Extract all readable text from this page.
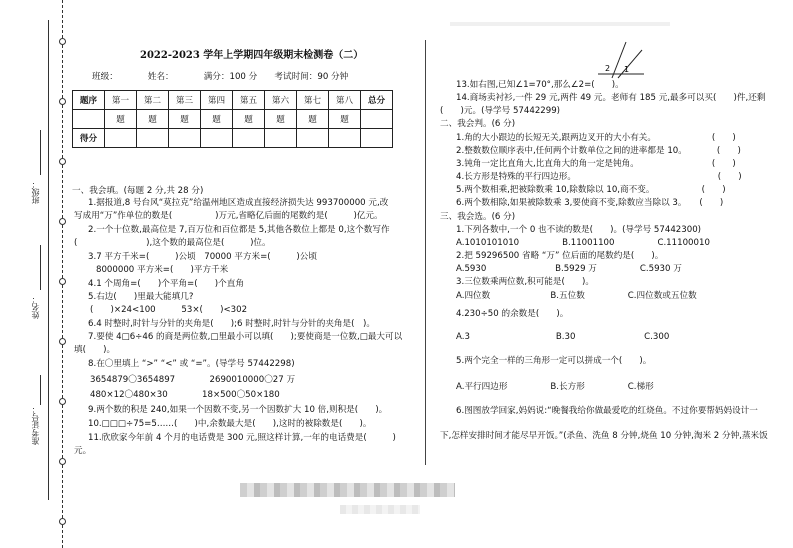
班级：
姓名：
准考证号：
2022-2023 学年上学期四年级期末检测卷（二）
班级：　　　　姓名：　　　　满分：100 分　　考试时间：90 分钟
题序	第一	第二	第三	第四	第五	第六	第七	第八	总分
	题	题	题	题	题	题	题	题	
得分									
一、我会填。(每题 2 分,共 28 分)
1.据报道,8 号台风“莫拉克”给温州地区造成直接经济损失达 993700000 元,改
写成用“万”作单位的数是(　　　　　)万元,省略亿后面的尾数约是(　　　)亿元。
2.一个十位数,最高位是 7,百万位和百位都是 5,其他各数位上都是 0,这个数写作
(　　　　　　　　),这个数的最高位是(　　　)位。
3.7 平方千米=(　　　)公顷　70000 平方米=(　　　)公顷
8000000 平方米=(　　)平方千米
4.1 个周角=(　　)个平角=(　　)个直角
5.右边(　　)里最大能填几?
(　　)×24<100　　　53×(　　)<302
6.4 时整时,时针与分针的夹角是(　　);6 时整时,时针与分针的夹角是(　)。
7.要使 4□6÷46 的商是两位数,□里最小可以填(　　);要使商是一位数,□最大可以
填(　　)。
8.在〇里填上 “>” “<” 或 “=”。(导学号 57442298)
3654879〇3654897　　　　2690010000〇27 万
480×12〇480×30　　　　18×500〇50×180
9.两个数的积是 240,如果一个因数不变,另一个因数扩大 10 倍,则积是(　　)。
10.□□□÷75=5……(　　)中,余数最大是(　　),这时的被除数是(　　)。
11.欣欣家今年前 4 个月的电话费是 300 元,照这样计算,一年的电话费是(　　　)
元。
2 1
13.如右图,已知∠1=70°,那么∠2=(　　)。
14.商场卖衬衫,一件 29 元,两件 49 元。老师有 185 元,最多可以买(　　)件,还剩
(　　)元。(导学号 57442299)
二、我会判。(6 分)
1.角的大小跟边的长短无关,跟两边叉开的大小有关。　　　　　　　(　　)
2.整数数位顺序表中,任何两个计数单位之间的进率都是 10。　　　　(　　)
3.钝角一定比直角大,比直角大的角一定是钝角。　　　　　　　　　(　　)
4.长方形是特殊的平行四边形。　　　　　　　　　　　　　　　　　(　　)
5.两个数相乘,把被除数乘 10,除数除以 10,商不变。　　　　　　(　　)
6.两个数相除,如果被除数乘 3,要使商不变,除数应当除以 3。　　(　　)
三、我会选。(6 分)
1.下列各数中,一个 0 也不读的数是(　　)。(导学号 57442300)
A.1010101010　　　　　B.11001100　　　　　C.11100010
2.把 59296500 省略 “万” 位后面的尾数约是(　　)。
A.5930　　　　　　　　B.5929 万　　　　　C.5930 万
3.三位数乘两位数,积可能是(　　)。
A.四位数　　　　　　　B.五位数　　　　　C.四位数或五位数
4.230÷50 的余数是(　　)。
A.3　　　　　　　　　　B.30　　　　　　　　C.300
5.两个完全一样的三角形一定可以拼成一个(　　)。
A.平行四边形　　　　　B.长方形　　　　　C.梯形
6.图图放学回家,妈妈说:“晚餐我给你做最爱吃的红烧鱼。不过你要帮妈妈设计一
下,怎样安排时间才能尽早开饭。”(杀鱼、洗鱼 8 分钟,烧鱼 10 分钟,淘米 2 分钟,蒸米饭
